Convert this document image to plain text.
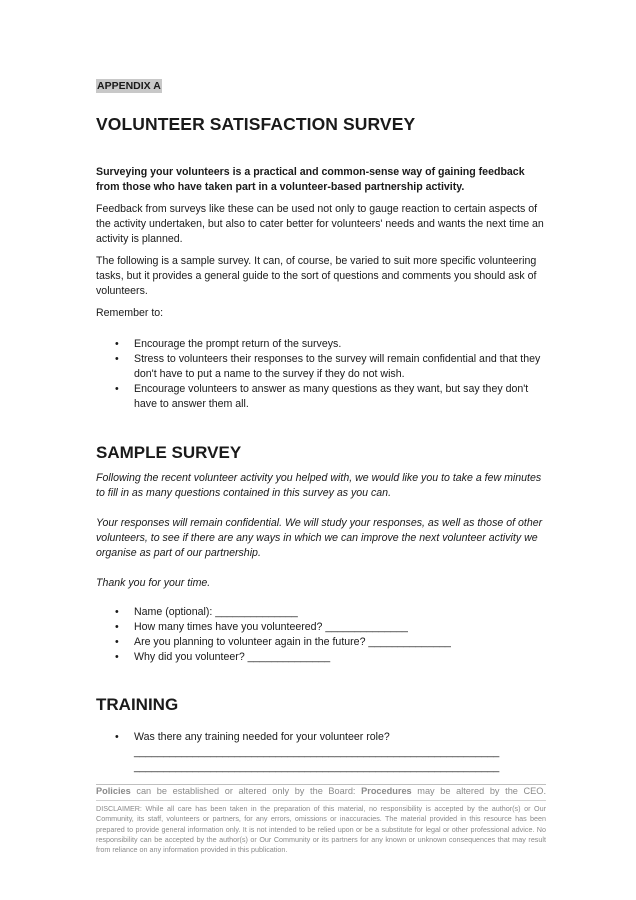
APPENDIX A
VOLUNTEER SATISFACTION SURVEY

Surveying your volunteers is a practical and common-sense way of gaining feedback from those who have taken part in a volunteer-based partnership activity.

Feedback from surveys like these can be used not only to gauge reaction to certain aspects of the activity undertaken, but also to cater better for volunteers' needs and wants the next time an activity is planned.

The following is a sample survey. It can, of course, be varied to suit more specific volunteering tasks, but it provides a general guide to the sort of questions and comments you should ask of volunteers.

Remember to:

• Encourage the prompt return of the surveys.
• Stress to volunteers their responses to the survey will remain confidential and that they don't have to put a name to the survey if they do not wish.
• Encourage volunteers to answer as many questions as they want, but say they don't have to answer them all.
SAMPLE SURVEY

Following the recent volunteer activity you helped with, we would like you to take a few minutes to fill in as many questions contained in this survey as you can.

Your responses will remain confidential. We will study your responses, as well as those of other volunteers, to see if there are any ways in which we can improve the next volunteer activity we organise as part of our partnership.

Thank you for your time.

• Name (optional): ______________
• How many times have you volunteered? ______________
• Are you planning to volunteer again in the future? ______________
• Why did you volunteer? ______________
TRAINING
• Was there any training needed for your volunteer role?
______________________________________________________________
______________________________________________________________
Policies can be established or altered only by the Board: Procedures may be altered by the CEO.
DISCLAIMER: While all care has been taken in the preparation of this material, no responsibility is accepted by the author(s) or Our Community, its staff, volunteers or partners, for any errors, omissions or inaccuracies. The material provided in this resource has been prepared to provide general information only. It is not intended to be relied upon or be a substitute for legal or other professional advice. No responsibility can be accepted by the author(s) or Our Community or its partners for any known or unknown consequences that may result from reliance on any information provided in this publication.
